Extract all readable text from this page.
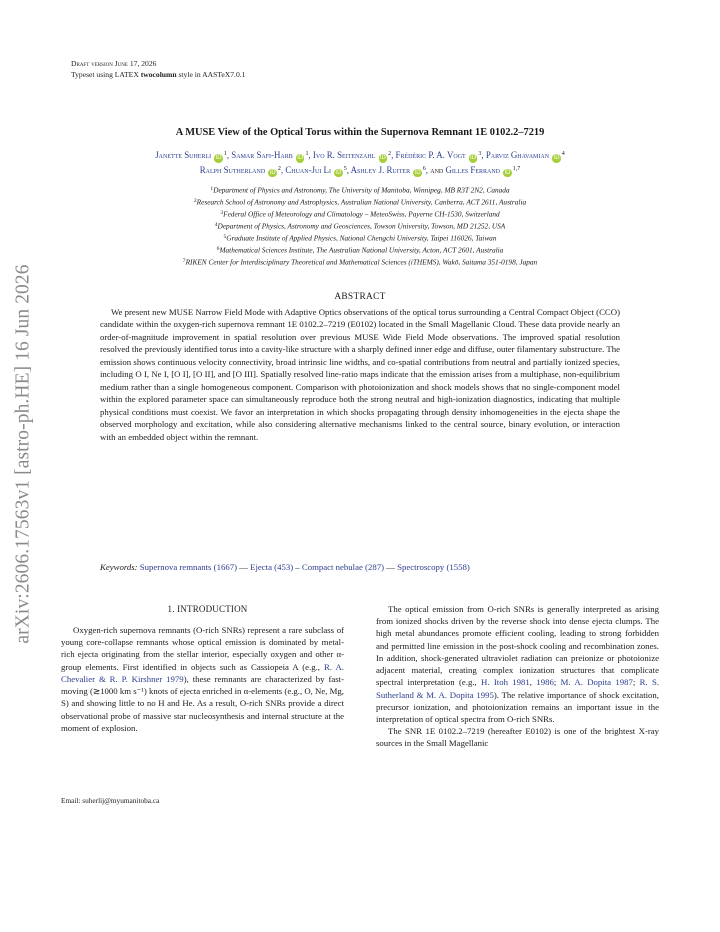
arXiv:2606.17563v1 [astro-ph.HE] 16 Jun 2026
Draft version June 17, 2026
Typeset using LATEX twocolumn style in AASTeX7.0.1
A MUSE View of the Optical Torus within the Supernova Remnant 1E 0102.2–7219
Janette Suherli $iD^1$, Samar Safi-Harb $iD^1$, Ivo R. Seitenzahl $iD^2$, Frédéric P. A. Vogt $iD^3$, Parviz Ghavamian $iD^4$
Ralph Sutherland $iD^2$, Chuan-Jui Li $iD^5$, Ashley J. Ruiter $iD^6$, and Gilles Ferrand iD$^{1,7}$
$^1$Department of Physics and Astronomy, The University of Manitoba, Winnipeg, MB R3T 2N2, Canada
$^2$Research School of Astronomy and Astrophysics, Australian National University, Canberra, ACT 2611, Australia
$^3$Federal Office of Meteorology and Climatology – MeteoSwiss, Payerne CH-1530, Switzerland
$^4$Department of Physics, Astronomy and Geosciences, Towson University, Towson, MD 21252, USA
$^5$Graduate Institute of Applied Physics, National Chengchi University, Taipei 116026, Taiwan
$^6$Mathematical Sciences Institute, The Australian National University, Acton, ACT 2601, Australia
$^7$RIKEN Center for Interdisciplinary Theoretical and Mathematical Sciences (iTHEMS), Wakō, Saitama 351-0198, Japan
ABSTRACT
We present new MUSE Narrow Field Mode with Adaptive Optics observations of the optical torus surrounding a Central Compact Object (CCO) candidate within the oxygen-rich supernova remnant 1E 0102.2–7219 (E0102) located in the Small Magellanic Cloud. These data provide nearly an order-of-magnitude improvement in spatial resolution over previous MUSE Wide Field Mode observations. The improved spatial resolution resolved the previously identified torus into a cavity-like structure with a sharply defined inner edge and diffuse, outer filamentary substructure. The emission shows continuous velocity connectivity, broad intrinsic line widths, and co-spatial contributions from neutral and partially ionized species, including O I, Ne I, [O I], [O II], and [O III]. Spatially resolved line-ratio maps indicate that the emission arises from a multiphase, non-equilibrium medium rather than a single homogeneous component. Comparison with photoionization and shock models shows that no single-component model within the explored parameter space can simultaneously reproduce both the strong neutral and high-ionization diagnostics, indicating that multiple physical conditions must coexist. We favor an interpretation in which shocks propagating through density inhomogeneities in the ejecta shape the observed morphology and excitation, while also considering alternative mechanisms linked to the central source, binary evolution, or interaction with an embedded object within the remnant.
Keywords: Supernova remnants (1667) — Ejecta (453) – Compact nebulae (287) — Spectroscopy (1558)
1. INTRODUCTION

Oxygen-rich supernova remnants (O-rich SNRs) represent a rare subclass of young core-collapse remnants whose optical emission is dominated by metal-rich ejecta originating from the stellar interior, especially oxygen and other α-group elements. First identified in objects such as Cassiopeia A (e.g., R. A. Chevalier & R. P. Kirshner 1979), these remnants are characterized by fast-moving (≳1000 km s⁻¹) knots of ejecta enriched in α-elements (e.g., O, Ne, Mg, S) and showing little to no H and He. As a result, O-rich SNRs provide a direct observational probe of massive star nucleosynthesis and internal structure at the moment of explosion.

Email: suherlij@myumanitoba.ca

The optical emission from O-rich SNRs is generally interpreted as arising from ionized shocks driven by the reverse shock into dense ejecta clumps. The high metal abundances promote efficient cooling, leading to strong forbidden and permitted line emission in the post-shock cooling and recombination zones. In addition, shock-generated ultraviolet radiation can preionize or photoionize adjacent material, creating complex ionization structures that complicate spectral interpretation (e.g., H. Itoh 1981, 1986; M. A. Dopita 1987; R. S. Sutherland & M. A. Dopita 1995). The relative importance of shock excitation, precursor ionization, and photoionization remains an important issue in the interpretation of optical spectra from O-rich SNRs.

The SNR 1E 0102.2–7219 (hereafter E0102) is one of the brightest X-ray sources in the Small Magellanic
